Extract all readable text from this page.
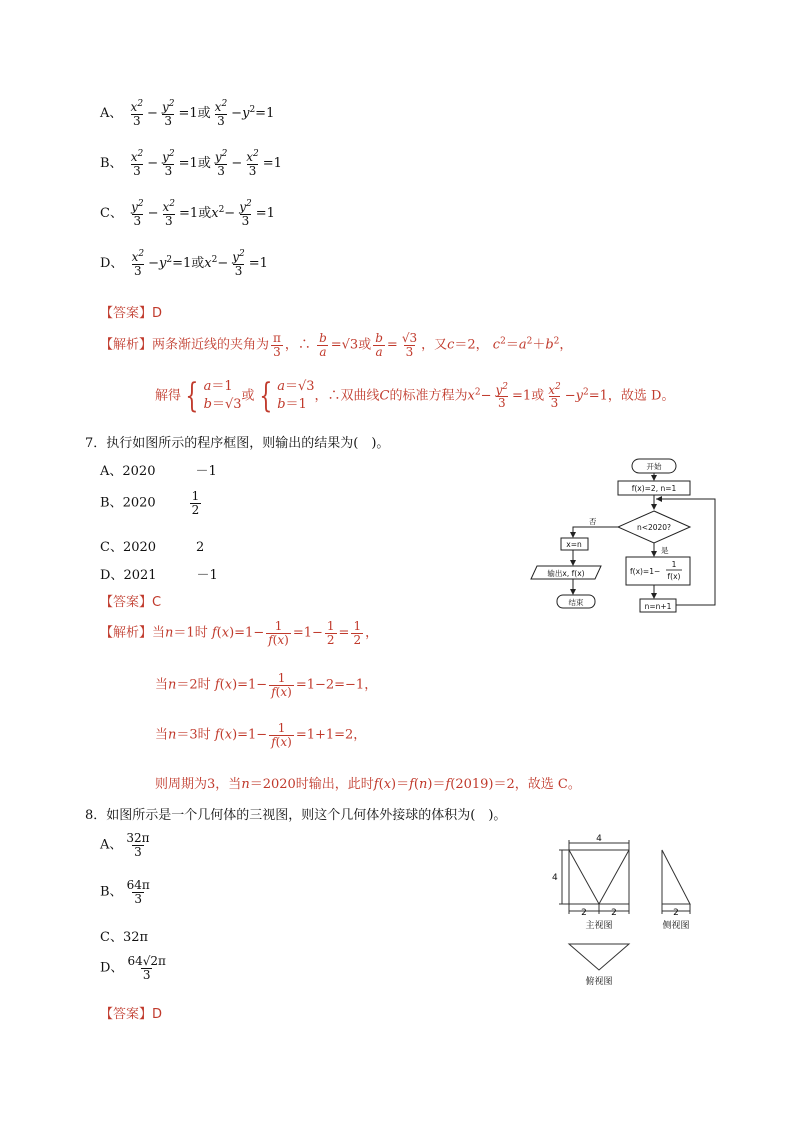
A、 $\frac{x^2}{3} - \frac{y^2}{3} =1$或 $\frac{x^2}{3} -y^2=1$
B、 $\frac{x^2}{3} - \frac{y^2}{3} =1$或 $\frac{y^2}{3} - \frac{x^2}{3} =1$
C、 $\frac{y^2}{3} - \frac{x^2}{3} =1$或$x^2- \frac{y^2}{3} =1$
D、 $\frac{x^2}{3} -y^2=1$或$x^2- \frac{y^2}{3} =1$
【答案】D
【解析】两条渐近线的夹角为 $\frac{\pi}{3}$ ，∴ $\frac{b}{a} =√3$或 $\frac{b}{a} = \frac{√3}{3}$ ，又c＝2， $c^2=a^2+b^2$，
解得 { a＝1
b＝√3
或 { a＝√3
b＝1
，∴双曲线C的标准方程为$x^2- \frac{y^2}{3} =1$或 $\frac{x^2}{3} -y^2=1$，故选 D。
7．执行如图所示的程序框图，则输出的结果为(　)。
A、2020	－1
B、2020	$\frac{1}{2}$
C、2020	2
D、2021	－1
【答案】C
【解析】当n＝1时 $f(x)=1- \frac{1}{f(x)} =1- \frac{1}{2} = \frac{1}{2}$ ，
当n＝2时 $f(x)=1- \frac{1}{f(x)} =1-2=-1$，
当n＝3时 $f(x)=1- \frac{1}{f(x)} =1+1=2$，
则周期为3，当n＝2020时输出，此时f(x)＝f(n)＝f(2019)＝2，故选 C。
开始
f(x)=2, n=1
n<2020?
是
否
f(x)=1−
1
f(x)
n=n+1
x=n
输出x, f(x)
结束
8．如图所示是一个几何体的三视图，则这个几何体外接球的体积为(　)。
A、 $\frac{32\pi}{3}$
B、 $\frac{64\pi}{3}$
C、32π
D、 $\frac{64√2\pi}{3}$
【答案】D
4
4
2	2	2
主视图	侧视图
俯视图
